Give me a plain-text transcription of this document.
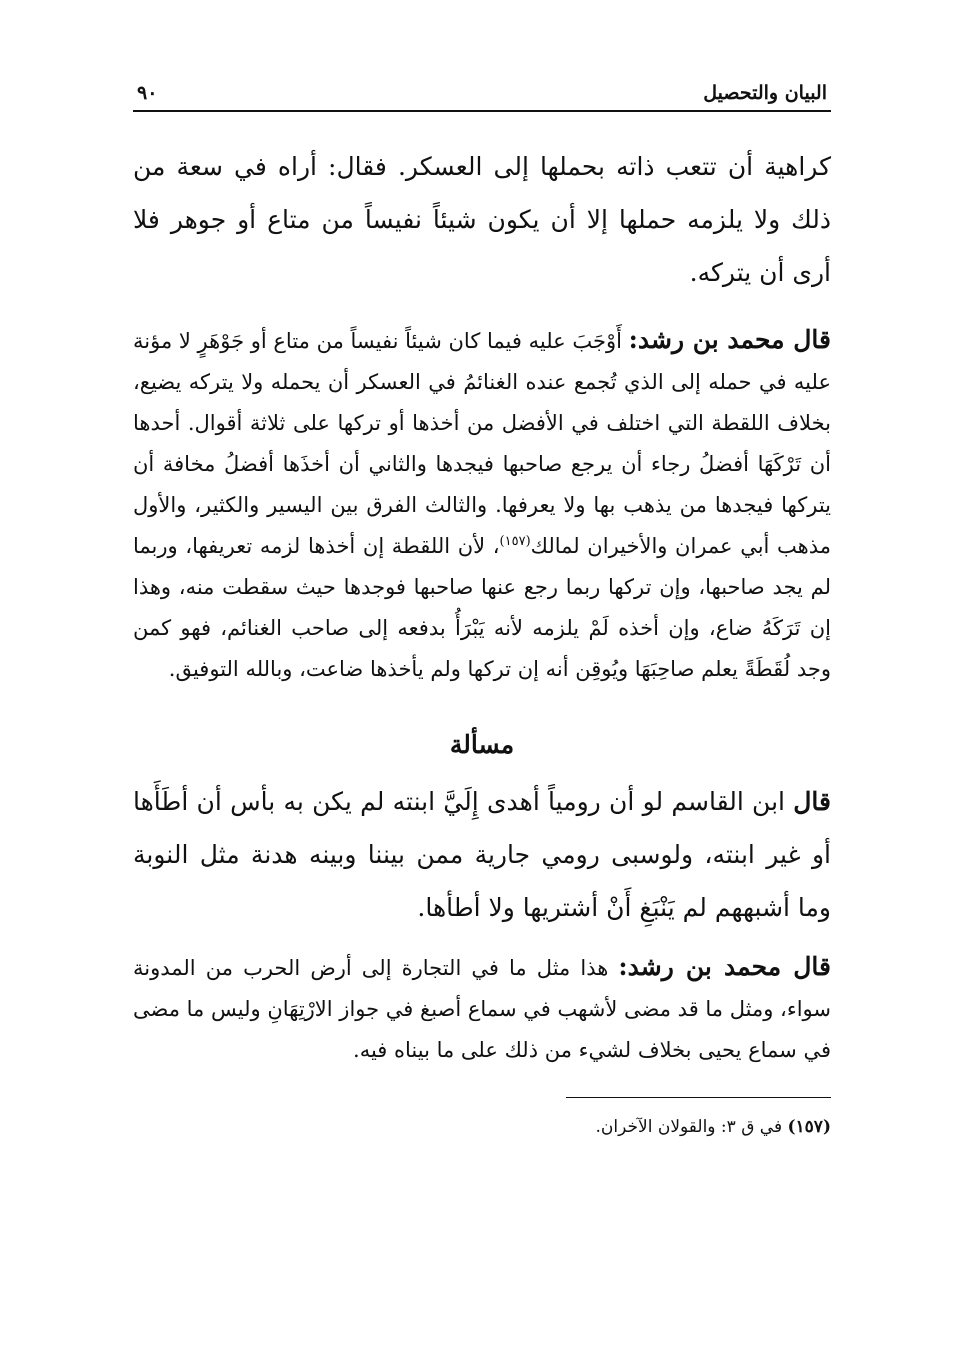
البيان والتحصيل
٩٠

كراهية أن تتعب ذاته بحملها إلى العسكر. فقال: أراه في سعة من ذلك ولا يلزمه حملها إلا أن يكون شيئاً نفيساً من متاع أو جوهر فلا أرى أن يتركه.

قال محمد بن رشد: أَوْجَبَ عليه فيما كان شيئاً نفيساً من متاع أو جَوْهَرٍ لا مؤنة عليه في حمله إلى الذي تُجمع عنده الغنائمُ في العسكر أن يحمله ولا يتركه يضيع، بخلاف اللقطة التي اختلف في الأفضل من أخذها أو تركها على ثلاثة أقوال. أحدها أن تَرْكَهَا أفضلُ رجاء أن يرجع صاحبها فيجدها والثاني أن أخذَها أفضلُ مخافة أن يتركها فيجدها من يذهب بها ولا يعرفها. والثالث الفرق بين اليسير والكثير، والأول مذهب أبي عمران والأخيران لمالك$^{(١٥٧)}$، لأن اللقطة إن أخذها لزمه تعريفها، وربما لم يجد صاحبها، وإن تركها ربما رجع عنها صاحبها فوجدها حيث سقطت منه، وهذا إن تَرَكَهُ ضاع، وإن أخذه لَمْ يلزمه لأنه يَبْرَأُ بدفعه إلى صاحب الغنائم، فهو كمن وجد لُقَطَةً يعلم صاحِبَهَا ويُوقِن أنه إن تركها ولم يأخذها ضاعت، وبالله التوفيق.

مسألة

قال ابن القاسم لو أن رومياً أهدى إِلَيَّ ابنته لم يكن به بأس أن أطَأَها أو غير ابنته، ولوسبى رومي جارية ممن بيننا وبينه هدنة مثل النوبة وما أشبههم لم يَنْبَغِ أَنْ أشتريها ولا أطأها.

قال محمد بن رشد: هذا مثل ما في التجارة إلى أرض الحرب من المدونة سواء، ومثل ما قد مضى لأشهب في سماع أصبغ في جواز الارْتِهَانِ وليس ما مضى في سماع يحيى بخلاف لشيء من ذلك على ما بيناه فيه.

(١٥٧) في ق ٣: والقولان الآخران.
